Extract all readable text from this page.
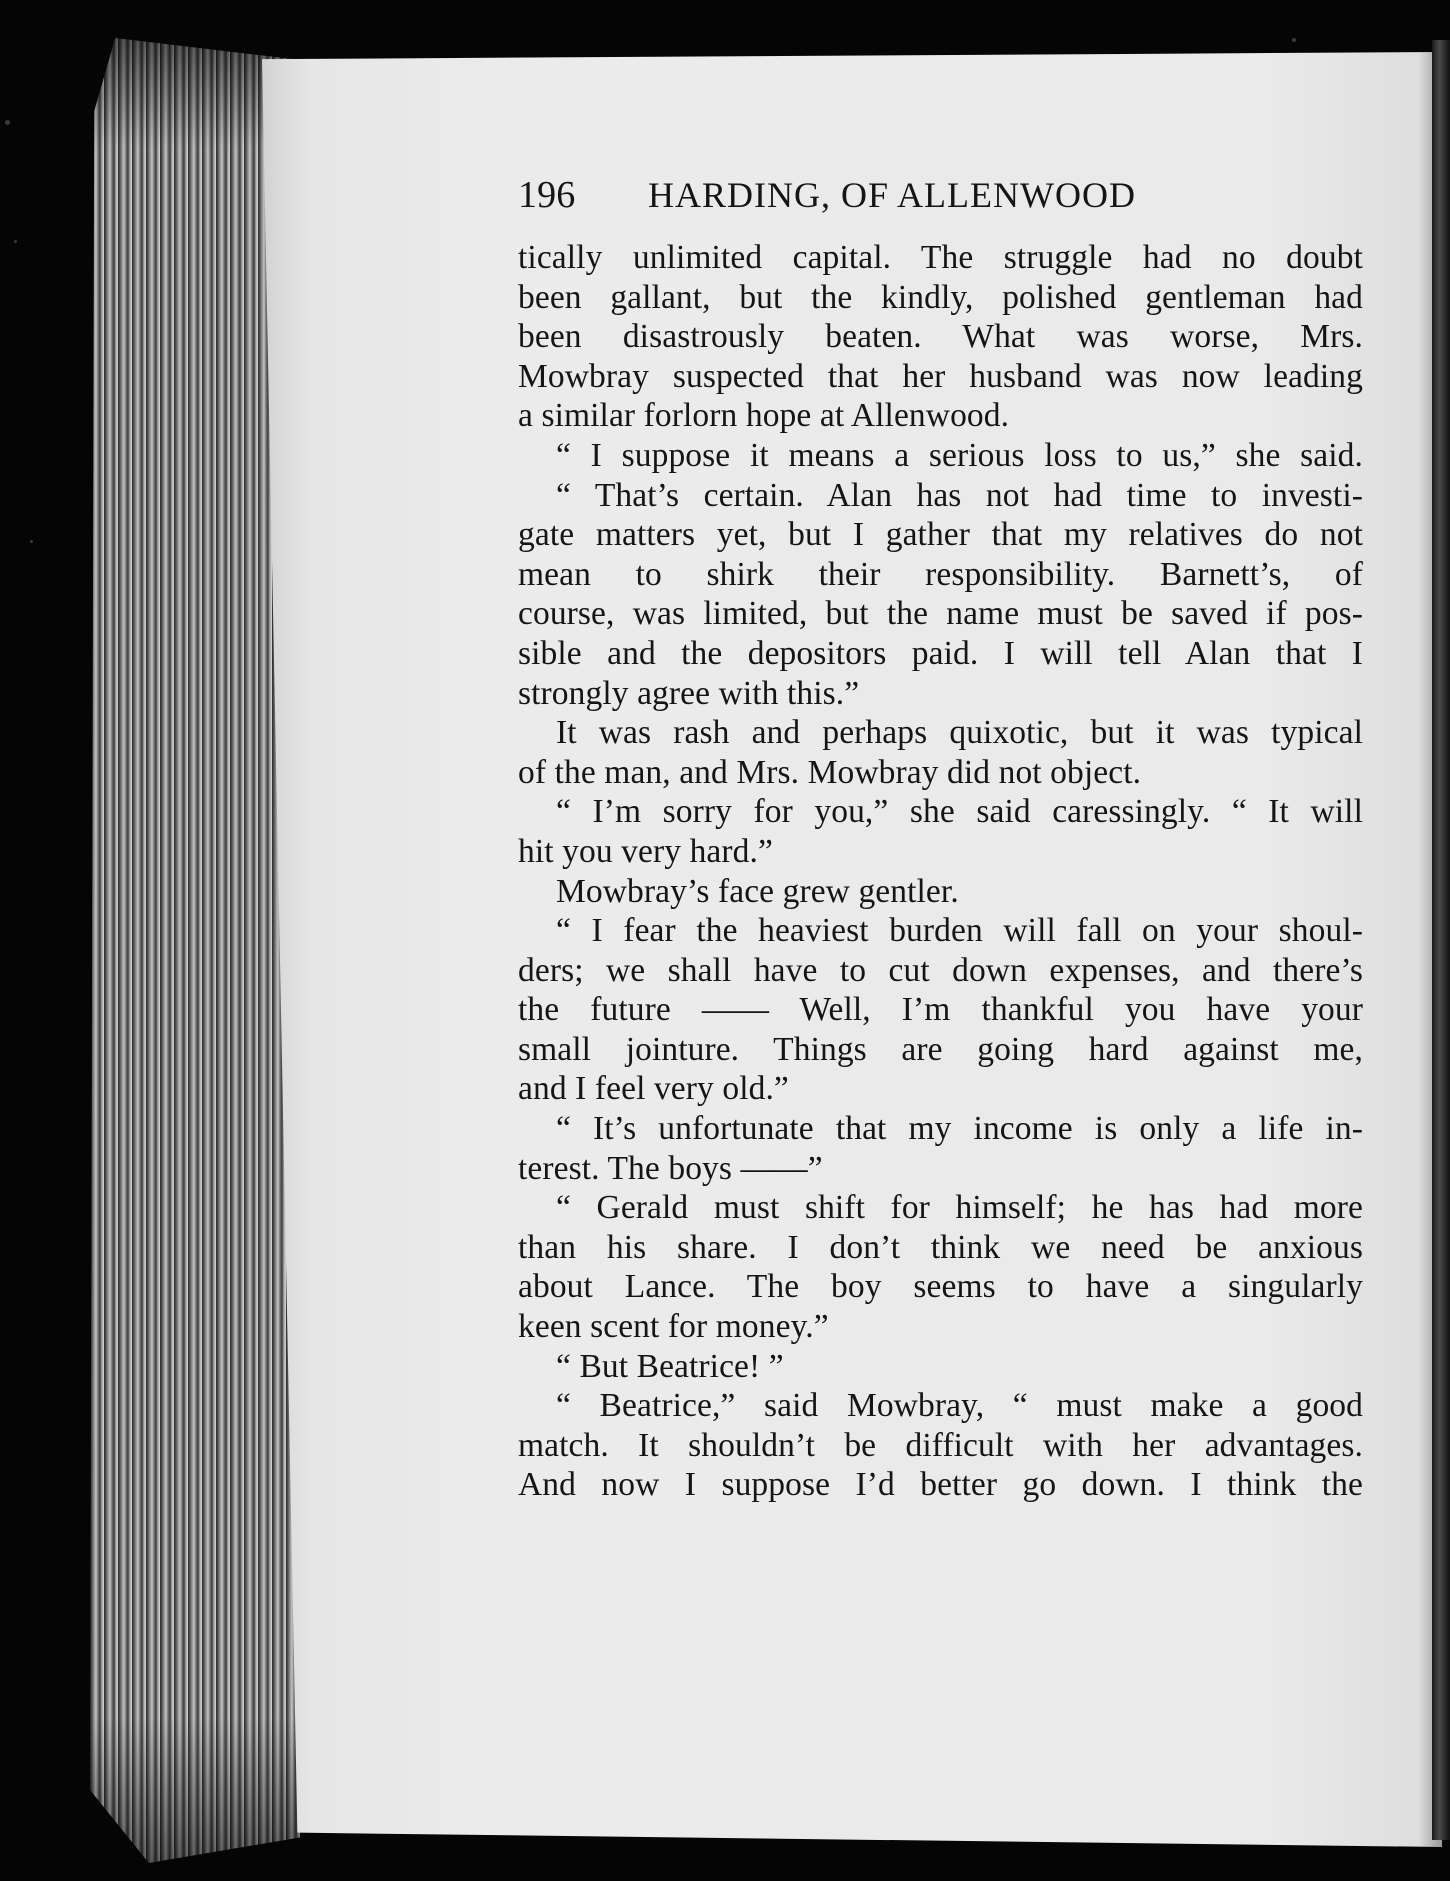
196	HARDING, OF ALLENWOOD
tically unlimited capital. The struggle had no doubt
been gallant, but the kindly, polished gentleman had
been disastrously beaten. What was worse, Mrs.
Mowbray suspected that her husband was now leading
a similar forlorn hope at Allenwood.
“ I suppose it means a serious loss to us,” she said.
“ That’s certain. Alan has not had time to investi-
gate matters yet, but I gather that my relatives do not
mean to shirk their responsibility. Barnett’s, of
course, was limited, but the name must be saved if pos-
sible and the depositors paid. I will tell Alan that I
strongly agree with this.”
It was rash and perhaps quixotic, but it was typical
of the man, and Mrs. Mowbray did not object.
“ I’m sorry for you,” she said caressingly. “ It will
hit you very hard.”
Mowbray’s face grew gentler.
“ I fear the heaviest burden will fall on your shoul-
ders; we shall have to cut down expenses, and there’s
the future —— Well, I’m thankful you have your
small jointure. Things are going hard against me,
and I feel very old.”
“ It’s unfortunate that my income is only a life in-
terest. The boys ——”
“ Gerald must shift for himself; he has had more
than his share. I don’t think we need be anxious
about Lance. The boy seems to have a singularly
keen scent for money.”
“ But Beatrice! ”
“ Beatrice,” said Mowbray, “ must make a good
match. It shouldn’t be difficult with her advantages.
And now I suppose I’d better go down. I think the
